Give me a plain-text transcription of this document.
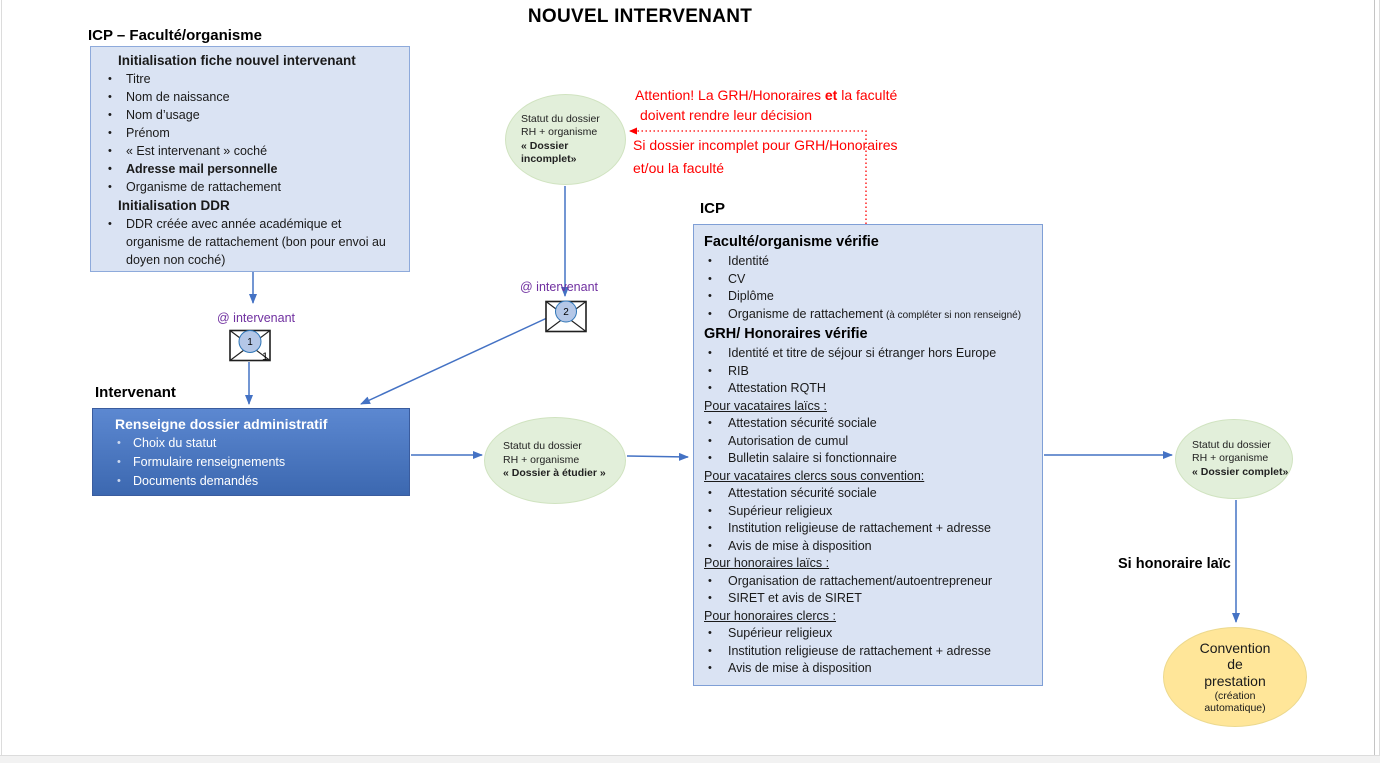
NOUVEL INTERVENANT
ICP – Faculté/organisme
Initialisation fiche nouvel intervenant
• Titre
• Nom de naissance
• Nom d’usage
• Prénom
• « Est intervenant » coché
• Adresse mail personnelle
• Organisme de rattachement
Initialisation DDR
• DDR créée avec année académique et organisme de rattachement (bon pour envoi au doyen non coché)
@ intervenant
1
1
@ intervenant
2
Intervenant
Renseigne dossier administratif
• Choix du statut
• Formulaire renseignements
• Documents demandés
Statut du dossier
RH + organisme
« Dossier incomplet»
Statut du dossier
RH + organisme
« Dossier à étudier »
Statut du dossier
RH + organisme
« Dossier complet»
Attention! La GRH/Honoraires et la faculté
doivent rendre leur décision
Si dossier incomplet pour GRH/Honoraires
et/ou la faculté
ICP
Faculté/organisme vérifie
• Identité
• CV
• Diplôme
• Organisme de rattachement (à compléter si non renseigné)
GRH/ Honoraires vérifie
• Identité et titre de séjour si étranger hors Europe
• RIB
• Attestation RQTH
Pour vacataires laïcs :
• Attestation sécurité sociale
• Autorisation de cumul
• Bulletin salaire si fonctionnaire
Pour vacataires clercs sous convention:
• Attestation sécurité sociale
• Supérieur religieux
• Institution religieuse de rattachement + adresse
• Avis de mise à disposition
Pour honoraires laïcs :
• Organisation de rattachement/autoentrepreneur
• SIRET et avis de SIRET
Pour honoraires clercs :
• Supérieur religieux
• Institution religieuse de rattachement + adresse
• Avis de mise à disposition
Si honoraire laïc
Convention
de
prestation
(création automatique)
